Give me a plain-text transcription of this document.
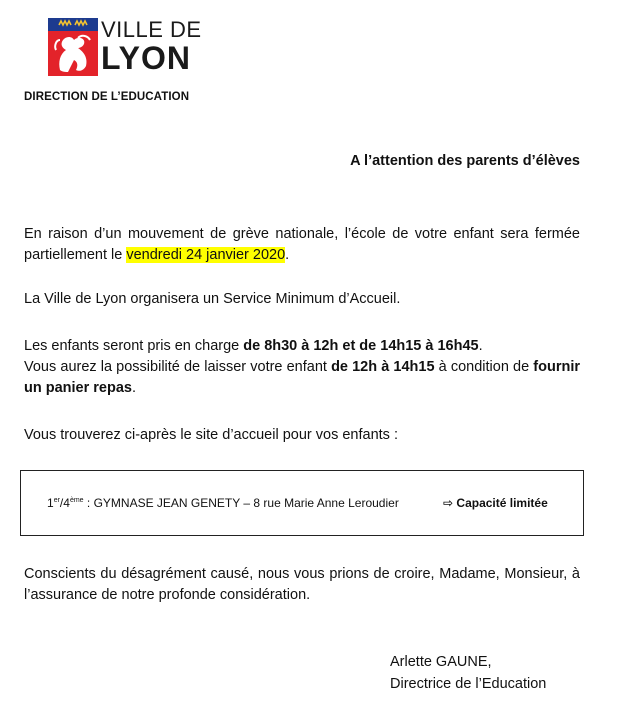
VILLE DE
LYON
DIRECTION DE L’EDUCATION
A l’attention des parents d’élèves
En raison d’un mouvement de grève nationale, l’école de votre enfant sera fermée partiellement le vendredi 24 janvier 2020.
La Ville de Lyon organisera un Service Minimum d’Accueil.
Les enfants seront pris en charge de 8h30 à 12h et de 14h15 à 16h45.
Vous aurez la possibilité de laisser votre enfant de 12h à 14h15 à condition de fournir un panier repas.
Vous trouverez ci-après le site d’accueil pour vos enfants :
1er/4ème : GYMNASE JEAN GENETY – 8 rue Marie Anne Leroudier	⇨ Capacité limitée
Conscients du désagrément causé, nous vous prions de croire, Madame, Monsieur, à l’assurance de notre profonde considération.
Arlette GAUNE,
Directrice de l’Education
